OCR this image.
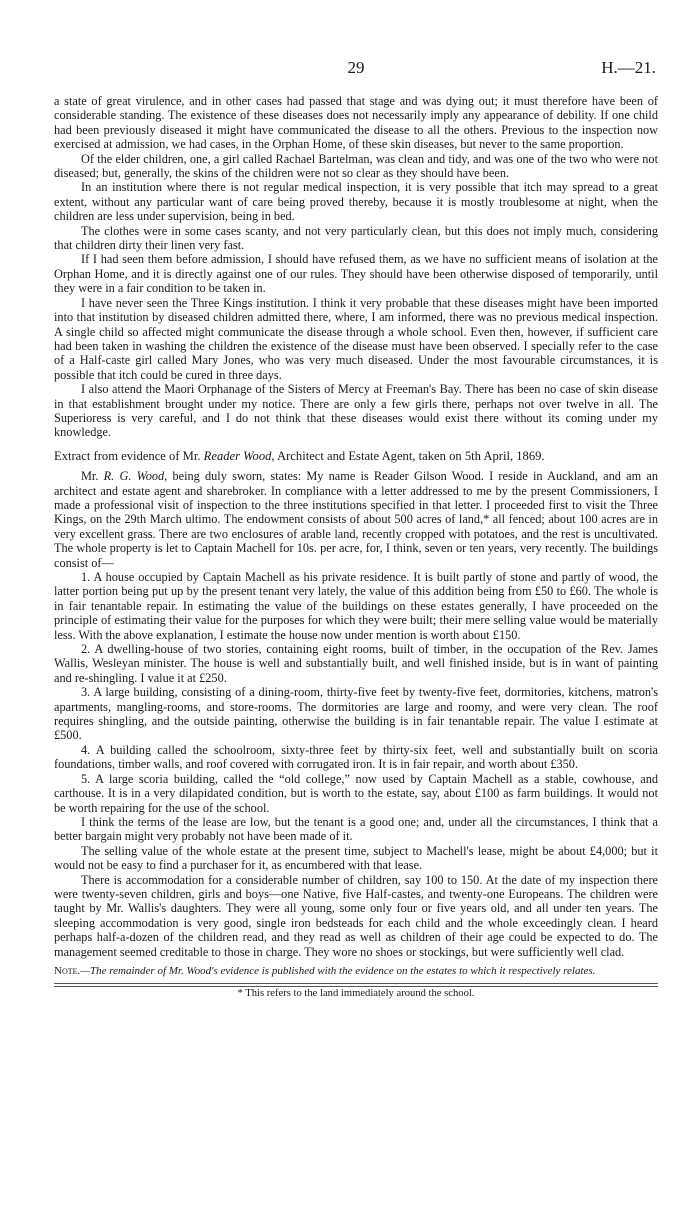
29	H.—21.

a state of great virulence, and in other cases had passed that stage and was dying out; it must therefore have been of considerable standing. The existence of these diseases does not necessarily imply any appearance of debility. If one child had been previously diseased it might have communicated the disease to all the others. Previous to the inspection now exercised at admission, we had cases, in the Orphan Home, of these skin diseases, but never to the same proportion.

Of the elder children, one, a girl called Rachael Bartelman, was clean and tidy, and was one of the two who were not diseased; but, generally, the skins of the children were not so clear as they should have been.

In an institution where there is not regular medical inspection, it is very possible that itch may spread to a great extent, without any particular want of care being proved thereby, because it is mostly troublesome at night, when the children are less under supervision, being in bed.

The clothes were in some cases scanty, and not very particularly clean, but this does not imply much, considering that children dirty their linen very fast.

If I had seen them before admission, I should have refused them, as we have no sufficient means of isolation at the Orphan Home, and it is directly against one of our rules. They should have been otherwise disposed of temporarily, until they were in a fair condition to be taken in.

I have never seen the Three Kings institution. I think it very probable that these diseases might have been imported into that institution by diseased children admitted there, where, I am informed, there was no previous medical inspection. A single child so affected might communicate the disease through a whole school. Even then, however, if sufficient care had been taken in washing the children the existence of the disease must have been observed. I specially refer to the case of a Half-caste girl called Mary Jones, who was very much diseased. Under the most favourable circumstances, it is possible that itch could be cured in three days.

I also attend the Maori Orphanage of the Sisters of Mercy at Freeman's Bay. There has been no case of skin disease in that establishment brought under my notice. There are only a few girls there, perhaps not over twelve in all. The Superioress is very careful, and I do not think that these diseases would exist there without its coming under my knowledge.

Extract from evidence of Mr. Reader Wood, Architect and Estate Agent, taken on 5th April, 1869.

Mr. R. G. Wood, being duly sworn, states: My name is Reader Gilson Wood. I reside in Auckland, and am an architect and estate agent and sharebroker. In compliance with a letter addressed to me by the present Commissioners, I made a professional visit of inspection to the three institutions specified in that letter. I proceeded first to visit the Three Kings, on the 29th March ultimo. The endowment consists of about 500 acres of land,* all fenced; about 100 acres are in very excellent grass. There are two enclosures of arable land, recently cropped with potatoes, and the rest is uncultivated. The whole property is let to Captain Machell for 10s. per acre, for, I think, seven or ten years, very recently. The buildings consist of—

1. A house occupied by Captain Machell as his private residence. It is built partly of stone and partly of wood, the latter portion being put up by the present tenant very lately, the value of this addition being from £50 to £60. The whole is in fair tenantable repair. In estimating the value of the buildings on these estates generally, I have proceeded on the principle of estimating their value for the purposes for which they were built; their mere selling value would be materially less. With the above explanation, I estimate the house now under mention is worth about £150.

2. A dwelling-house of two stories, containing eight rooms, built of timber, in the occupation of the Rev. James Wallis, Wesleyan minister. The house is well and substantially built, and well finished inside, but is in want of painting and re-shingling. I value it at £250.

3. A large building, consisting of a dining-room, thirty-five feet by twenty-five feet, dormitories, kitchens, matron's apartments, mangling-rooms, and store-rooms. The dormitories are large and roomy, and were very clean. The roof requires shingling, and the outside painting, otherwise the building is in fair tenantable repair. The value I estimate at £500.

4. A building called the schoolroom, sixty-three feet by thirty-six feet, well and substantially built on scoria foundations, timber walls, and roof covered with corrugated iron. It is in fair repair, and worth about £350.

5. A large scoria building, called the “old college,” now used by Captain Machell as a stable, cowhouse, and carthouse. It is in a very dilapidated condition, but is worth to the estate, say, about £100 as farm buildings. It would not be worth repairing for the use of the school.

I think the terms of the lease are low, but the tenant is a good one; and, under all the circumstances, I think that a better bargain might very probably not have been made of it.

The selling value of the whole estate at the present time, subject to Machell's lease, might be about £4,000; but it would not be easy to find a purchaser for it, as encumbered with that lease.

There is accommodation for a considerable number of children, say 100 to 150. At the date of my inspection there were twenty-seven children, girls and boys—one Native, five Half-castes, and twenty-one Europeans. The children were taught by Mr. Wallis's daughters. They were all young, some only four or five years old, and all under ten years. The sleeping accommodation is very good, single iron bedsteads for each child and the whole exceedingly clean. I heard perhaps half-a-dozen of the children read, and they read as well as children of their age could be expected to do. The management seemed creditable to those in charge. They wore no shoes or stockings, but were sufficiently well clad.

Note.—The remainder of Mr. Wood's evidence is published with the evidence on the estates to which it respectively relates.

* This refers to the land immediately around the school.
